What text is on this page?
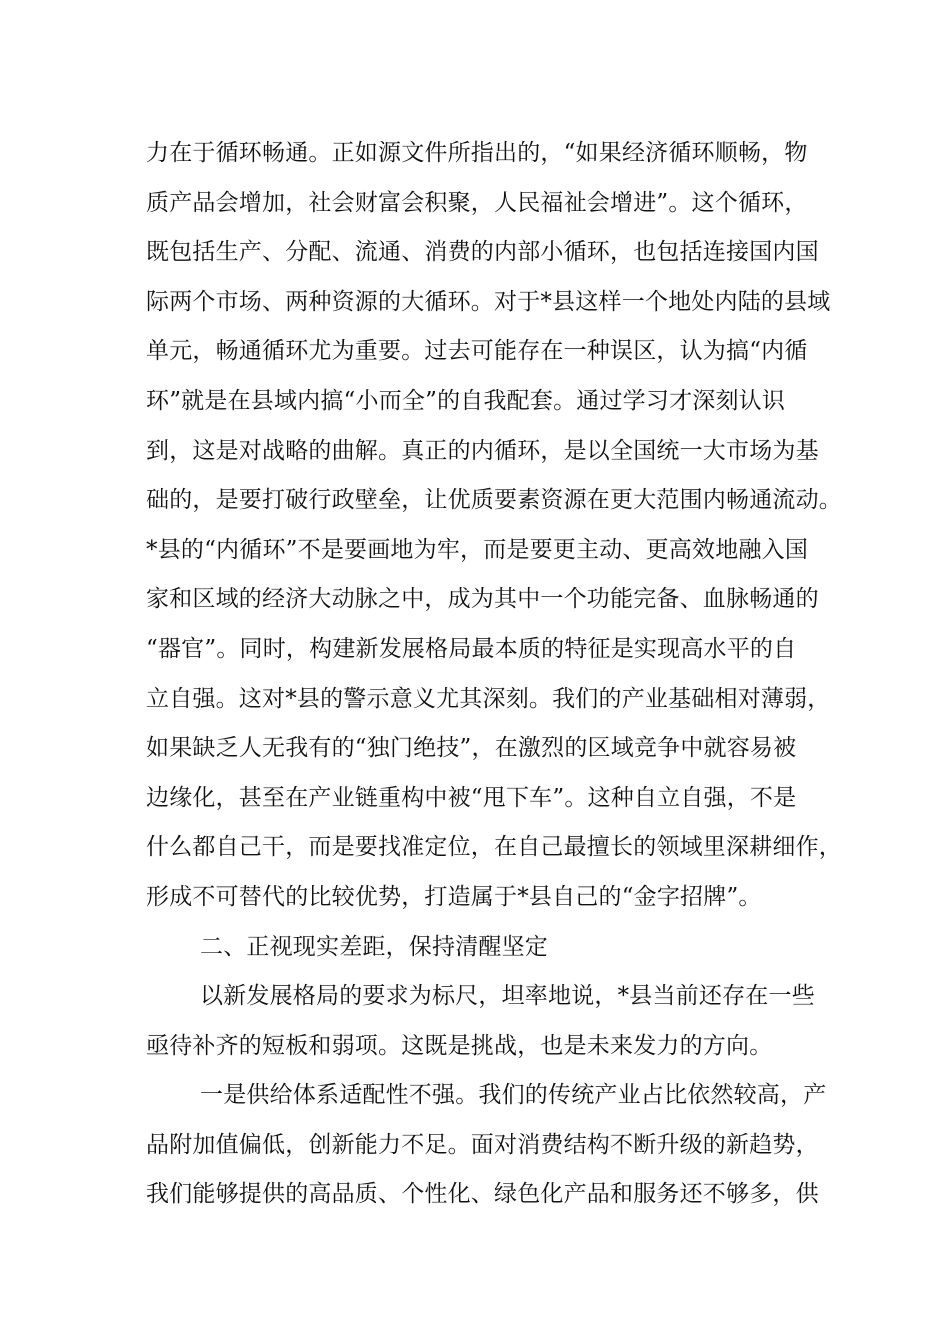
力在于循环畅通。正如源文件所指出的，“如果经济循环顺畅，物
质产品会增加，社会财富会积聚，人民福祉会增进”。这个循环，
既包括生产、分配、流通、消费的内部小循环，也包括连接国内国
际两个市场、两种资源的大循环。对于*县这样一个地处内陆的县域
单元，畅通循环尤为重要。过去可能存在一种误区，认为搞“内循
环”就是在县域内搞“小而全”的自我配套。通过学习才深刻认识
到，这是对战略的曲解。真正的内循环，是以全国统一大市场为基
础的，是要打破行政壁垒，让优质要素资源在更大范围内畅通流动。
*县的“内循环”不是要画地为牢，而是要更主动、更高效地融入国
家和区域的经济大动脉之中，成为其中一个功能完备、血脉畅通的
“器官”。同时，构建新发展格局最本质的特征是实现高水平的自
立自强。这对*县的警示意义尤其深刻。我们的产业基础相对薄弱，
如果缺乏人无我有的“独门绝技”，在激烈的区域竞争中就容易被
边缘化，甚至在产业链重构中被“甩下车”。这种自立自强，不是
什么都自己干，而是要找准定位，在自己最擅长的领域里深耕细作，
形成不可替代的比较优势，打造属于*县自己的“金字招牌”。
二、正视现实差距，保持清醒坚定
以新发展格局的要求为标尺，坦率地说，*县当前还存在一些
亟待补齐的短板和弱项。这既是挑战，也是未来发力的方向。
一是供给体系适配性不强。我们的传统产业占比依然较高，产
品附加值偏低，创新能力不足。面对消费结构不断升级的新趋势，
我们能够提供的高品质、个性化、绿色化产品和服务还不够多，供
